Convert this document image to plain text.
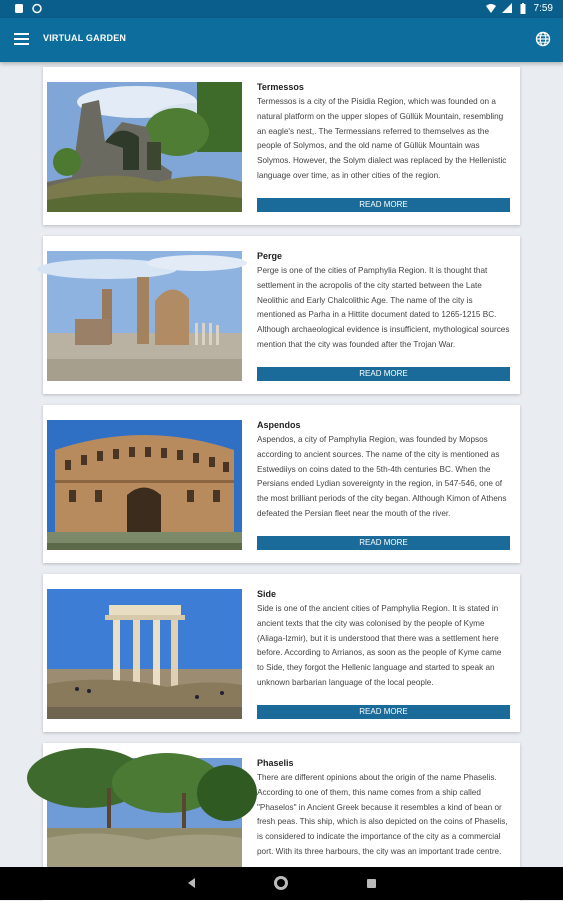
7:59
VIRTUAL GARDEN
Termessos
Termessos is a city of the Pisidia Region, which was founded on a natural platform on the upper slopes of Güllük Mountain, resembling an eagle's nest,. The Termessians referred to themselves as the people of Solymos, and the old name of Güllük Mountain was Solymos. However, the Solym dialect was replaced by the Hellenistic language over time, as in other cities of the region.
READ MORE
Perge
Perge is one of the cities of Pamphylia Region. It is thought that settlement in the acropolis of the city started between the Late Neolithic and Early Chalcolithic Age. The name of the city is mentioned as Parha in a Hittite document dated to 1265-1215 BC. Although archaeological evidence is insufficient, mythological sources mention that the city was founded after the Trojan War.
READ MORE
Aspendos
Aspendos, a city of Pamphylia Region, was founded by Mopsos according to ancient sources. The name of the city is mentioned as Estwediiys on coins dated to the 5th-4th centuries BC. When the Persians ended Lydian sovereignty in the region, in 547-546, one of the most brilliant periods of the city began. Although Kimon of Athens defeated the Persian fleet near the mouth of the river.
READ MORE
Side
Side is one of the ancient cities of Pamphylia Region. It is stated in ancient texts that the city was colonised by the people of Kyme (Aliaga-Izmir), but it is understood that there was a settlement here before. According to Arrianos, as soon as the people of Kyme came to Side, they forgot the Hellenic language and started to speak an unknown barbarian language of the local people.
READ MORE
Phaselis
There are different opinions about the origin of the name Phaselis. According to one of them, this name comes from a ship called "Phaselos" in Ancient Greek because it resembles a kind of bean or fresh peas. This ship, which is also depicted on the coins of Phaselis, is considered to indicate the importance of the city as a commercial port. With its three harbours, the city was an important trade centre.
